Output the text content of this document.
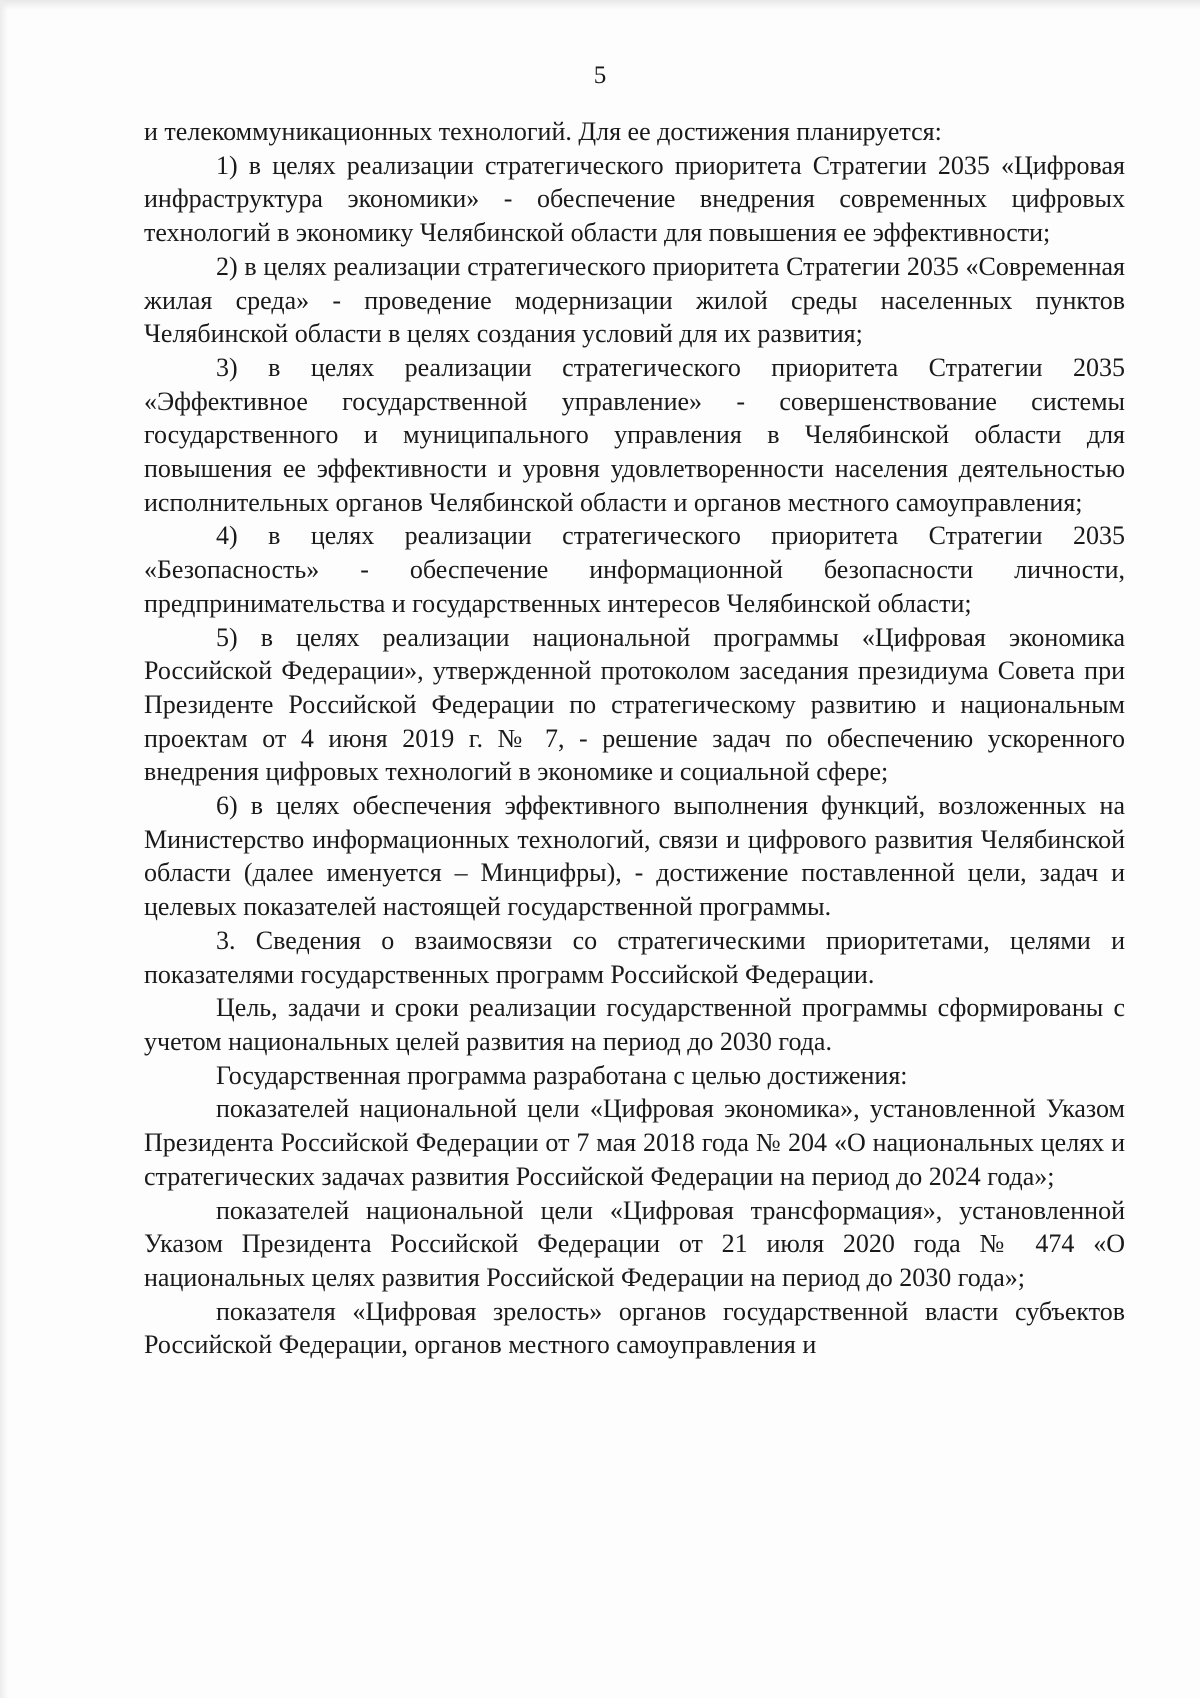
5

и телекоммуникационных технологий. Для ее достижения планируется:

1) в целях реализации стратегического приоритета Стратегии 2035 «Цифровая инфраструктура экономики» - обеспечение внедрения современных цифровых технологий в экономику Челябинской области для повышения ее эффективности;

2) в целях реализации стратегического приоритета Стратегии 2035 «Современная жилая среда» - проведение модернизации жилой среды населенных пунктов Челябинской области в целях создания условий для их развития;

3) в целях реализации стратегического приоритета Стратегии 2035 «Эффективное государственной управление» - совершенствование системы государственного и муниципального управления в Челябинской области для повышения ее эффективности и уровня удовлетворенности населения деятельностью исполнительных органов Челябинской области и органов местного самоуправления;

4) в целях реализации стратегического приоритета Стратегии 2035 «Безопасность» - обеспечение информационной безопасности личности, предпринимательства и государственных интересов Челябинской области;

5) в целях реализации национальной программы «Цифровая экономика Российской Федерации», утвержденной протоколом заседания президиума Совета при Президенте Российской Федерации по стратегическому развитию и национальным проектам от 4 июня 2019 г. № 7, - решение задач по обеспечению ускоренного внедрения цифровых технологий в экономике и социальной сфере;

6) в целях обеспечения эффективного выполнения функций, возложенных на Министерство информационных технологий, связи и цифрового развития Челябинской области (далее именуется – Минцифры), - достижение поставленной цели, задач и целевых показателей настоящей государственной программы.

3. Сведения о взаимосвязи со стратегическими приоритетами, целями и показателями государственных программ Российской Федерации.

Цель, задачи и сроки реализации государственной программы сформированы с учетом национальных целей развития на период до 2030 года.

Государственная программа разработана с целью достижения:

показателей национальной цели «Цифровая экономика», установленной Указом Президента Российской Федерации от 7 мая 2018 года № 204 «О национальных целях и стратегических задачах развития Российской Федерации на период до 2024 года»;

показателей национальной цели «Цифровая трансформация», установленной Указом Президента Российской Федерации от 21 июля 2020 года № 474 «О национальных целях развития Российской Федерации на период до 2030 года»;

показателя «Цифровая зрелость» органов государственной власти субъектов Российской Федерации, органов местного самоуправления и
